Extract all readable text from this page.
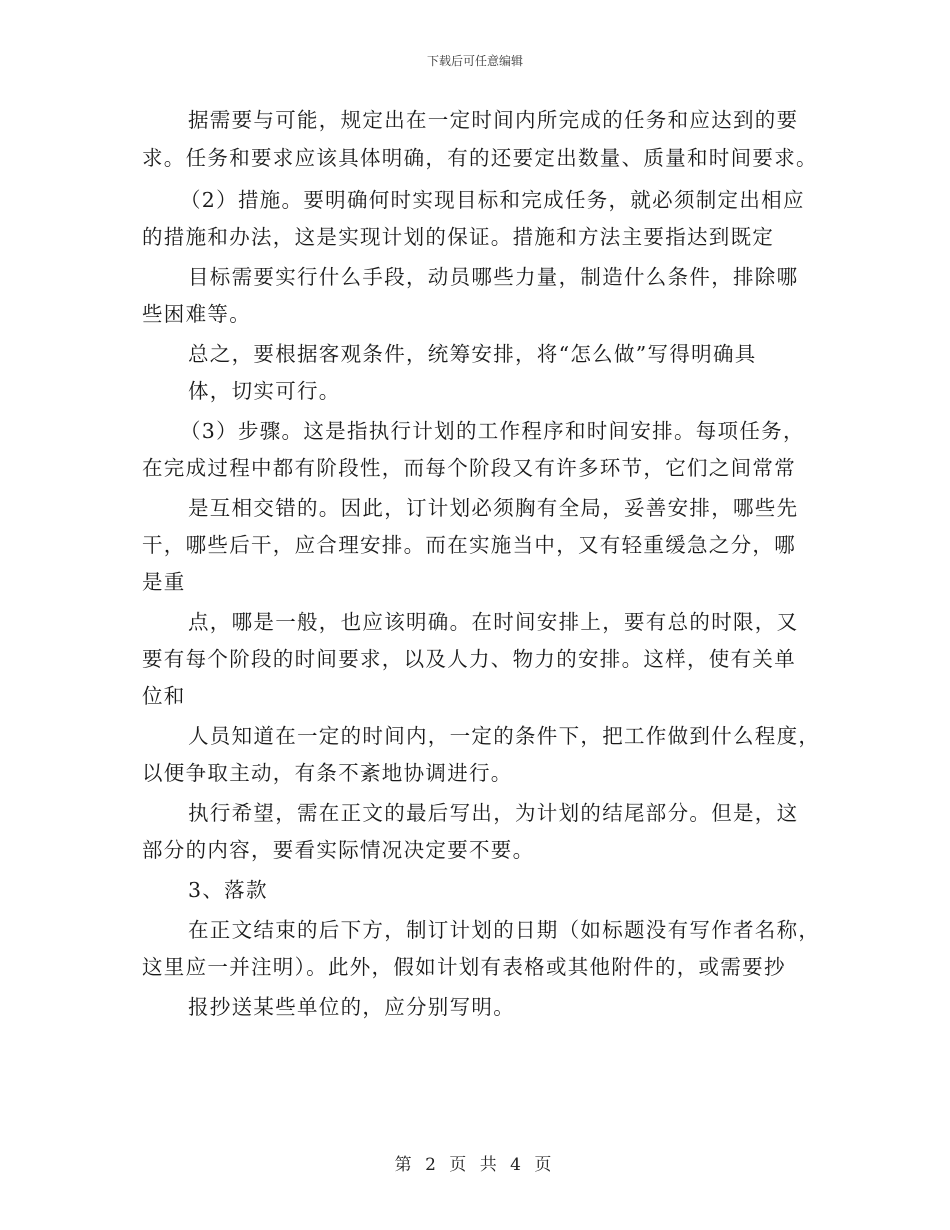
下载后可任意编辑
据需要与可能，规定出在一定时间内所完成的任务和应达到的要
求。任务和要求应该具体明确，有的还要定出数量、质量和时间要求。
（2）措施。要明确何时实现目标和完成任务，就必须制定出相应
的措施和办法，这是实现计划的保证。措施和方法主要指达到既定
目标需要实行什么手段，动员哪些力量，制造什么条件，排除哪
些困难等。
总之，要根据客观条件，统筹安排，将“怎么做”写得明确具
体，切实可行。
（3）步骤。这是指执行计划的工作程序和时间安排。每项任务，
在完成过程中都有阶段性，而每个阶段又有许多环节，它们之间常常
是互相交错的。因此，订计划必须胸有全局，妥善安排，哪些先
干，哪些后干，应合理安排。而在实施当中，又有轻重缓急之分，哪
是重
点，哪是一般，也应该明确。在时间安排上，要有总的时限，又
要有每个阶段的时间要求，以及人力、物力的安排。这样，使有关单
位和
人员知道在一定的时间内，一定的条件下，把工作做到什么程度，
以便争取主动，有条不紊地协调进行。
执行希望，需在正文的最后写出，为计划的结尾部分。但是，这
部分的内容，要看实际情况决定要不要。
3、落款
在正文结束的后下方，制订计划的日期（如标题没有写作者名称，
这里应一并注明）。此外，假如计划有表格或其他附件的，或需要抄
报抄送某些单位的，应分别写明。
第 2 页 共 4 页
